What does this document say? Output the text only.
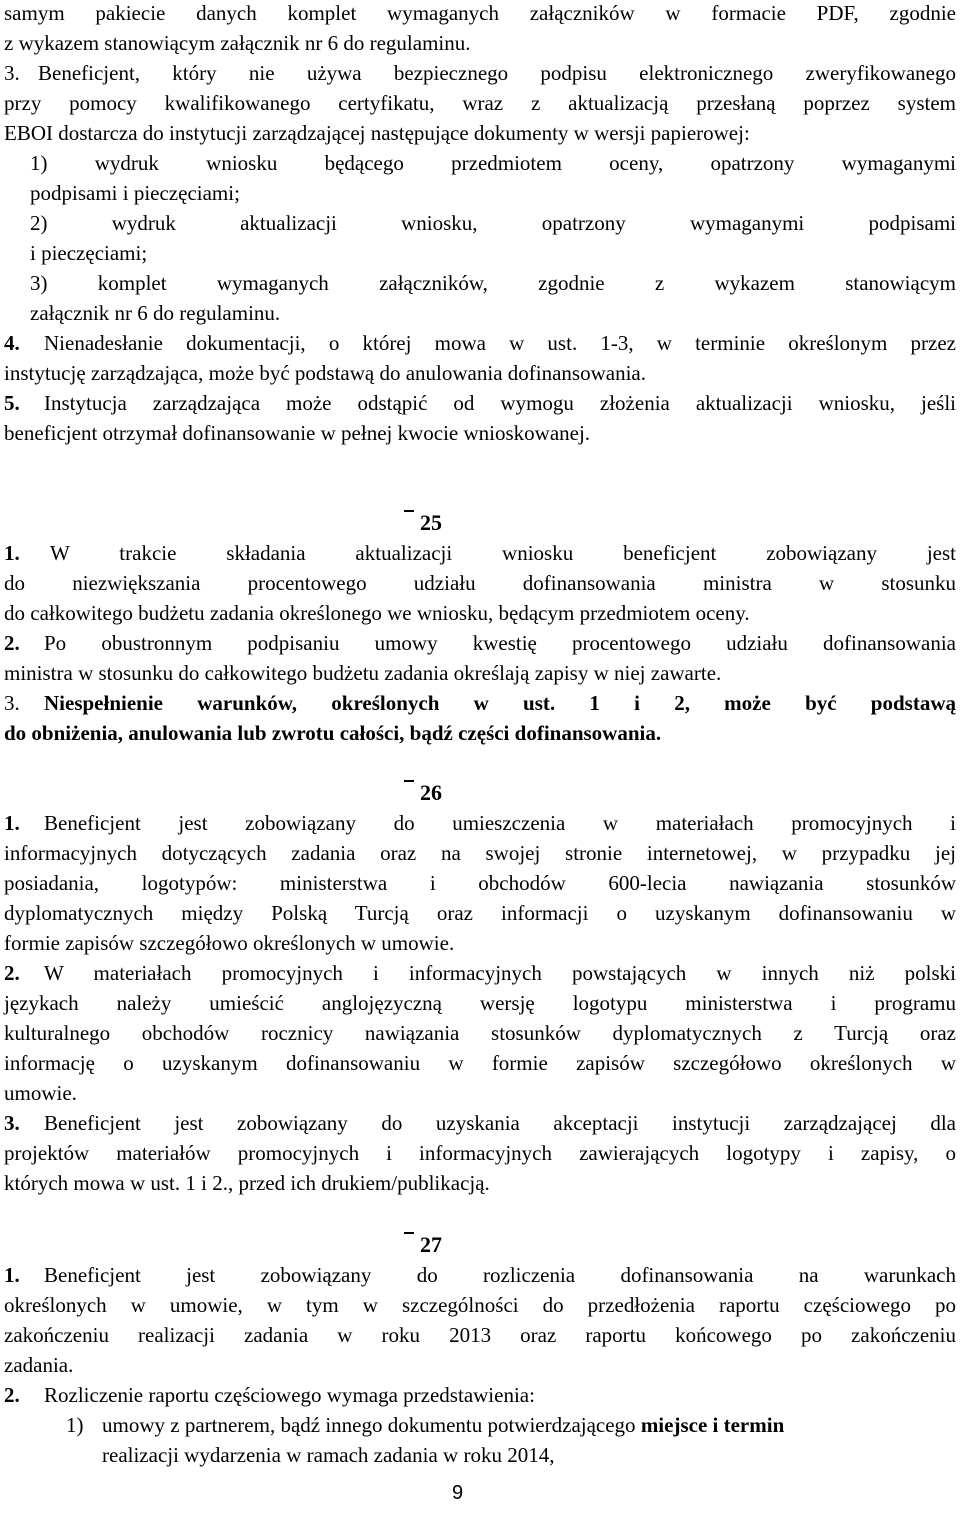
samym pakiecie danych komplet wymaganych załączników w formacie PDF, zgodnie
z wykazem stanowiącym załącznik nr 6 do regulaminu.
3. Beneficjent, który nie używa bezpiecznego podpisu elektronicznego zweryfikowanego
przy pomocy kwalifikowanego certyfikatu, wraz z aktualizacją przesłaną poprzez system
EBOI dostarcza do instytucji zarządzającej następujące dokumenty w wersji papierowej:
1) wydruk wniosku będącego przedmiotem oceny, opatrzony wymaganymi
podpisami i pieczęciami;
2) wydruk aktualizacji wniosku, opatrzony wymaganymi podpisami
i pieczęciami;
3) komplet wymaganych załączników, zgodnie z wykazem stanowiącym
załącznik nr 6 do regulaminu.
4. Nienadesłanie dokumentacji, o której mowa w ust. 1-3, w terminie określonym przez
instytucję zarządzająca, może być podstawą do anulowania dofinansowania.
5. Instytucja zarządzająca może odstąpić od wymogu złożenia aktualizacji wniosku, jeśli
beneficjent otrzymał dofinansowanie w pełnej kwocie wnioskowanej.
25
1. W trakcie składania aktualizacji wniosku beneficjent zobowiązany jest
do niezwiększania procentowego udziału dofinansowania ministra w stosunku
do całkowitego budżetu zadania określonego we wniosku, będącym przedmiotem oceny.
2. Po obustronnym podpisaniu umowy kwestię procentowego udziału dofinansowania
ministra w stosunku do całkowitego budżetu zadania określają zapisy w niej zawarte.
3. Niespełnienie warunków, określonych w ust. 1 i 2, może być podstawą
do obniżenia, anulowania lub zwrotu całości, bądź części dofinansowania.
26
1. Beneficjent jest zobowiązany do umieszczenia w materiałach promocyjnych i
informacyjnych dotyczących zadania oraz na swojej stronie internetowej, w przypadku jej
posiadania, logotypów: ministerstwa i obchodów 600-lecia nawiązania stosunków
dyplomatycznych między Polską Turcją oraz informacji o uzyskanym dofinansowaniu w
formie zapisów szczegółowo określonych w umowie.
2. W materiałach promocyjnych i informacyjnych powstających w innych niż polski
językach należy umieścić anglojęzyczną wersję logotypu ministerstwa i programu
kulturalnego obchodów rocznicy nawiązania stosunków dyplomatycznych z Turcją oraz
informację o uzyskanym dofinansowaniu w formie zapisów szczegółowo określonych w
umowie.
3. Beneficjent jest zobowiązany do uzyskania akceptacji instytucji zarządzającej dla
projektów materiałów promocyjnych i informacyjnych zawierających logotypy i zapisy, o
których mowa w ust. 1 i 2., przed ich drukiem/publikacją.
27
1. Beneficjent jest zobowiązany do rozliczenia dofinansowania na warunkach
określonych w umowie, w tym w szczególności do przedłożenia raportu częściowego po
zakończeniu realizacji zadania w roku 2013 oraz raportu końcowego po zakończeniu
zadania.
2. Rozliczenie raportu częściowego wymaga przedstawienia:
1) umowy z partnerem, bądź innego dokumentu potwierdzającego miejsce i termin
realizacji wydarzenia w ramach zadania w roku 2014,
9
